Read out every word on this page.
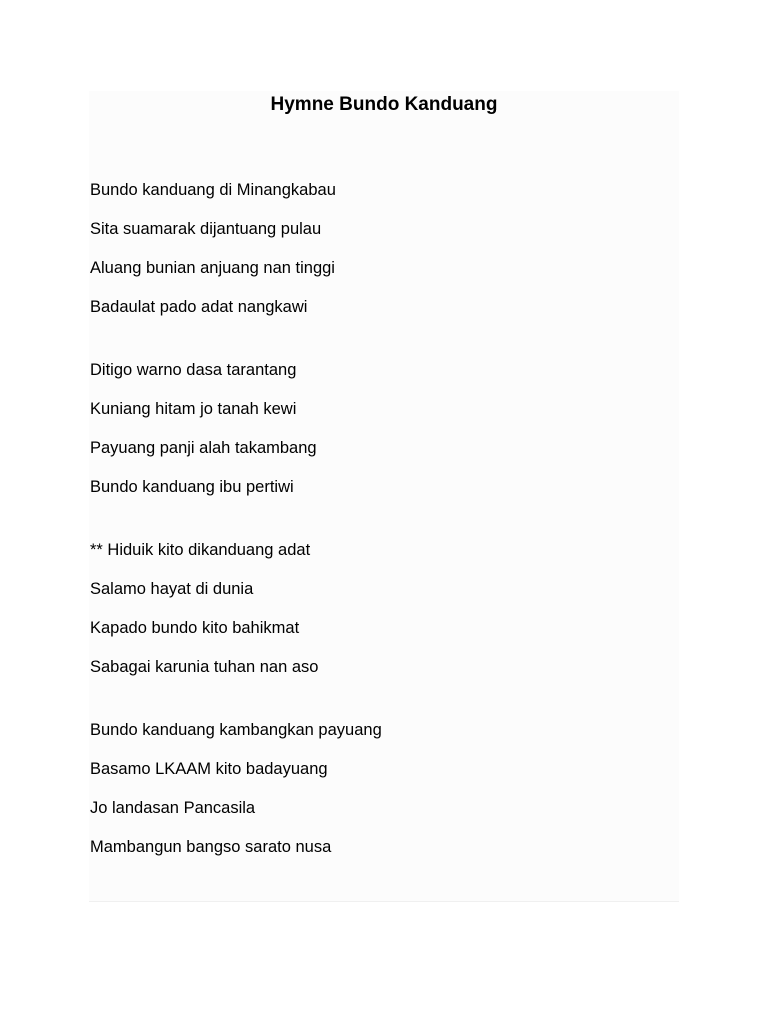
Hymne Bundo Kanduang
Bundo kanduang di Minangkabau
Sita suamarak dijantuang pulau
Aluang bunian anjuang nan tinggi
Badaulat pado adat nangkawi
Ditigo warno dasa tarantang
Kuniang hitam jo tanah kewi
Payuang panji alah takambang
Bundo kanduang ibu pertiwi
** Hiduik kito dikanduang adat
Salamo hayat di dunia
Kapado bundo kito bahikmat
Sabagai karunia tuhan nan aso
Bundo kanduang kambangkan payuang
Basamo LKAAM kito badayuang
Jo landasan Pancasila
Mambangun bangso sarato nusa
